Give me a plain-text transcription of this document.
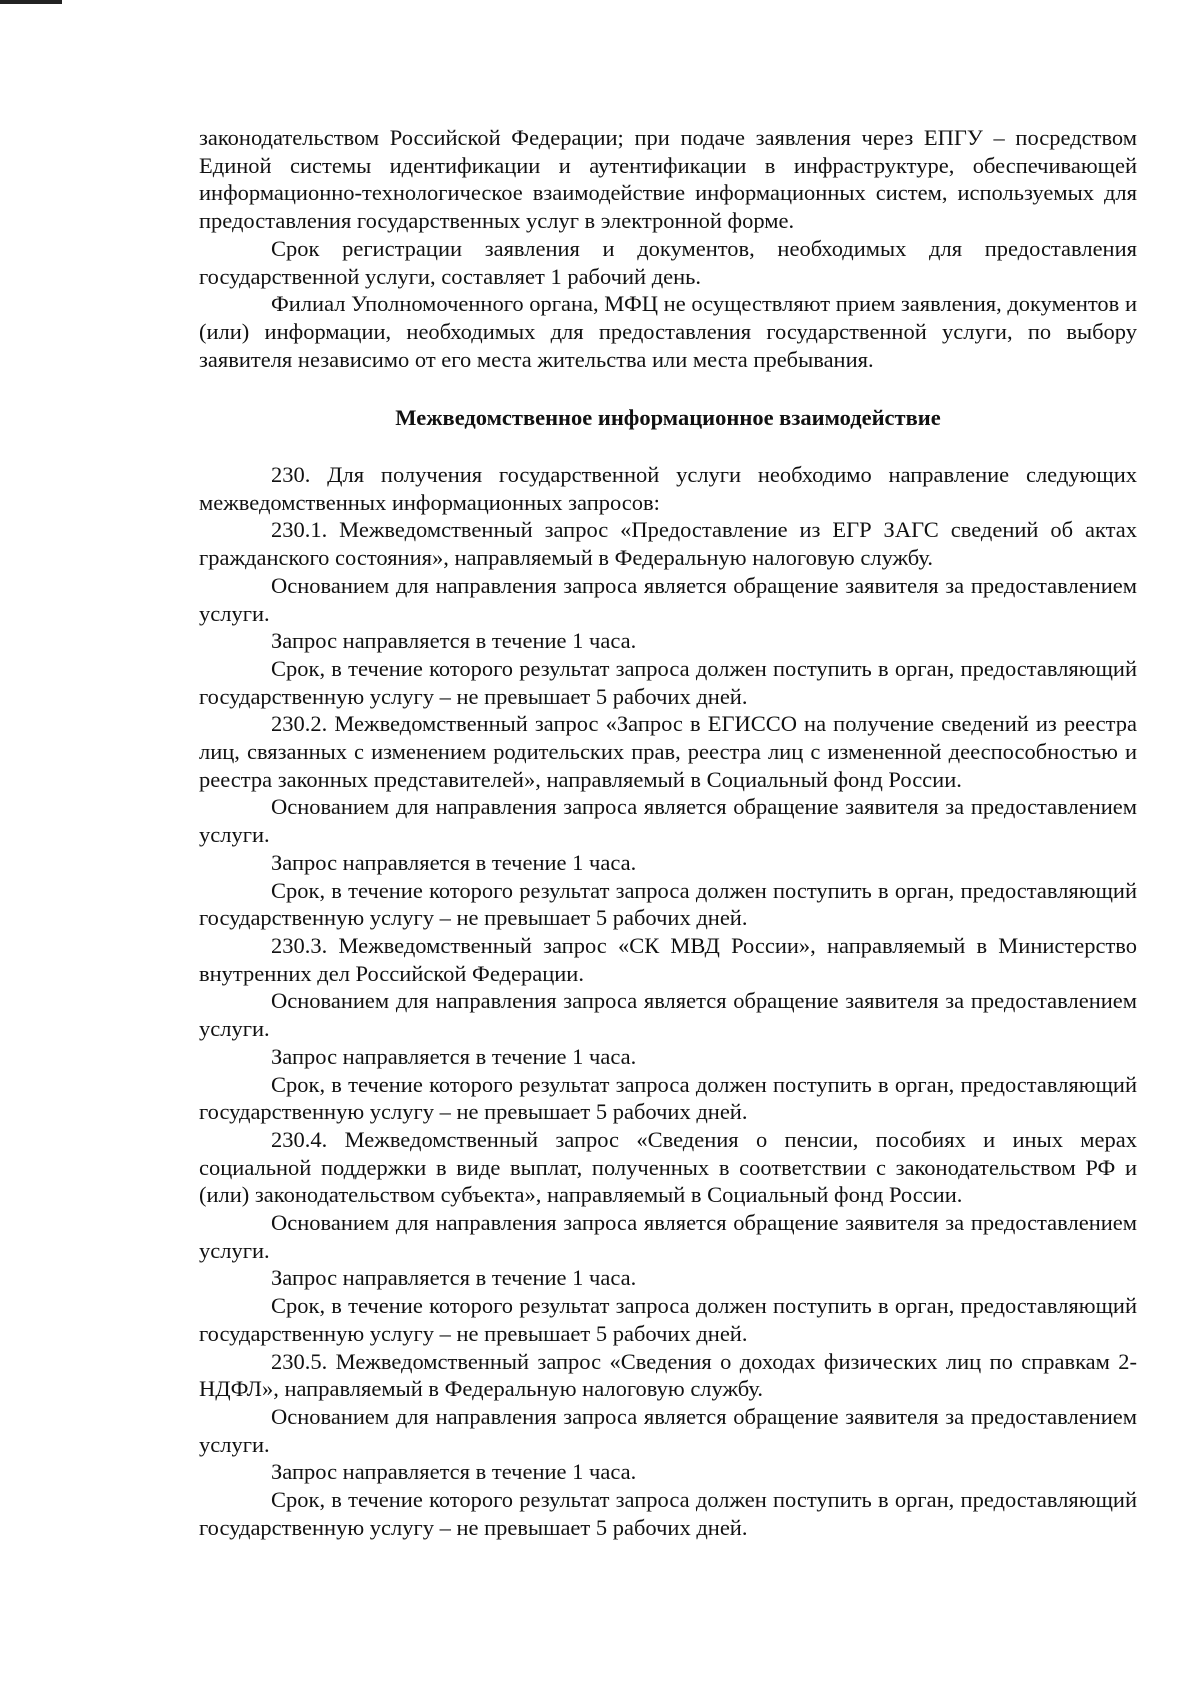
законодательством Российской Федерации; при подаче заявления через ЕПГУ – посредством Единой системы идентификации и аутентификации в инфраструктуре, обеспечивающей информационно-технологическое взаимодействие информационных систем, используемых для предоставления государственных услуг в электронной форме.

Срок регистрации заявления и документов, необходимых для предоставления государственной услуги, составляет 1 рабочий день.

Филиал Уполномоченного органа, МФЦ не осуществляют прием заявления, документов и (или) информации, необходимых для предоставления государственной услуги, по выбору заявителя независимо от его места жительства или места пребывания.

Межведомственное информационное взаимодействие

230. Для получения государственной услуги необходимо направление следующих межведомственных информационных запросов:

230.1. Межведомственный запрос «Предоставление из ЕГР ЗАГС сведений об актах гражданского состояния», направляемый в Федеральную налоговую службу.

Основанием для направления запроса является обращение заявителя за предоставлением услуги.

Запрос направляется в течение 1 часа.

Срок, в течение которого результат запроса должен поступить в орган, предоставляющий государственную услугу – не превышает 5 рабочих дней.

230.2. Межведомственный запрос «Запрос в ЕГИССО на получение сведений из реестра лиц, связанных с изменением родительских прав, реестра лиц с измененной дееспособностью и реестра законных представителей», направляемый в Социальный фонд России.

Основанием для направления запроса является обращение заявителя за предоставлением услуги.

Запрос направляется в течение 1 часа.

Срок, в течение которого результат запроса должен поступить в орган, предоставляющий государственную услугу – не превышает 5 рабочих дней.

230.3. Межведомственный запрос «СК МВД России», направляемый в Министерство внутренних дел Российской Федерации.

Основанием для направления запроса является обращение заявителя за предоставлением услуги.

Запрос направляется в течение 1 часа.

Срок, в течение которого результат запроса должен поступить в орган, предоставляющий государственную услугу – не превышает 5 рабочих дней.

230.4. Межведомственный запрос «Сведения о пенсии, пособиях и иных мерах социальной поддержки в виде выплат, полученных в соответствии с законодательством РФ и (или) законодательством субъекта», направляемый в Социальный фонд России.

Основанием для направления запроса является обращение заявителя за предоставлением услуги.

Запрос направляется в течение 1 часа.

Срок, в течение которого результат запроса должен поступить в орган, предоставляющий государственную услугу – не превышает 5 рабочих дней.

230.5. Межведомственный запрос «Сведения о доходах физических лиц по справкам 2-НДФЛ», направляемый в Федеральную налоговую службу.

Основанием для направления запроса является обращение заявителя за предоставлением услуги.

Запрос направляется в течение 1 часа.

Срок, в течение которого результат запроса должен поступить в орган, предоставляющий государственную услугу – не превышает 5 рабочих дней.
